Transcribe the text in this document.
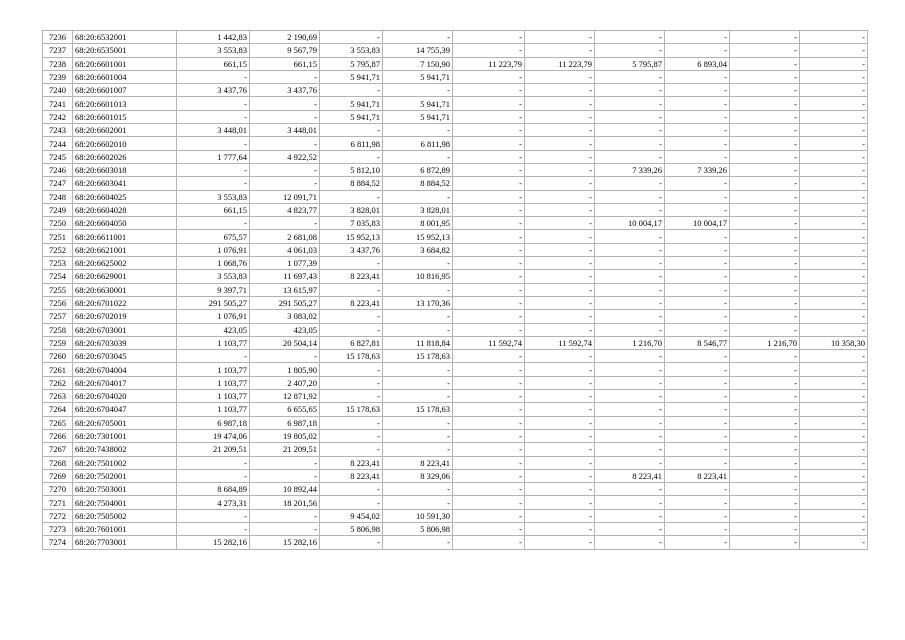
7236	68:20:6532001	1 442,83	2 190,69	-	-	-	-	-	-	-	-
7237	68:20:6535001	3 553,83	9 567,79	3 553,83	14 755,39	-	-	-	-	-	-
7238	68:20:6601001	661,15	661,15	5 795,87	7 150,90	11 223,79	11 223,79	5 795,87	6 893,04	-	-
7239	68:20:6601004	-	-	5 941,71	5 941,71	-	-	-	-	-	-
7240	68:20:6601007	3 437,76	3 437,76	-	-	-	-	-	-	-	-
7241	68:20:6601013	-	-	5 941,71	5 941,71	-	-	-	-	-	-
7242	68:20:6601015	-	-	5 941,71	5 941,71	-	-	-	-	-	-
7243	68:20:6602001	3 448,01	3 448,01	-	-	-	-	-	-	-	-
7244	68:20:6602010	-	-	6 811,98	6 811,98	-	-	-	-	-	-
7245	68:20:6602026	1 777,64	4 922,52	-	-	-	-	-	-	-	-
7246	68:20:6603018	-	-	5 812,10	6 872,89	-	-	7 339,26	7 339,26	-	-
7247	68:20:6603041	-	-	8 884,52	8 884,52	-	-	-	-	-	-
7248	68:20:6604025	3 553,83	12 091,71	-	-	-	-	-	-	-	-
7249	68:20:6604028	661,15	4 823,77	3 828,01	3 828,01	-	-	-	-	-	-
7250	68:20:6604050	-	-	7 035,83	8 001,95	-	-	10 004,17	10 004,17	-	-
7251	68:20:6611001	675,57	2 681,08	15 952,13	15 952,13	-	-	-	-	-	-
7252	68:20:6621001	1 076,91	4 061,03	3 437,76	3 684,82	-	-	-	-	-	-
7253	68:20:6625002	1 068,76	1 077,39	-	-	-	-	-	-	-	-
7254	68:20:6629001	3 553,83	11 697,43	8 223,41	10 816,95	-	-	-	-	-	-
7255	68:20:6630001	9 397,71	13 615,97	-	-	-	-	-	-	-	-
7256	68:20:6701022	291 505,27	291 505,27	8 223,41	13 170,36	-	-	-	-	-	-
7257	68:20:6702019	1 076,91	3 083,02	-	-	-	-	-	-	-	-
7258	68:20:6703001	423,05	423,05	-	-	-	-	-	-	-	-
7259	68:20:6703039	1 103,77	20 504,14	6 827,81	11 818,84	11 592,74	11 592,74	1 216,70	8 546,77	1 216,70	10 358,30
7260	68:20:6703045	-	-	15 178,63	15 178,63	-	-	-	-	-	-
7261	68:20:6704004	1 103,77	1 805,90	-	-	-	-	-	-	-	-
7262	68:20:6704017	1 103,77	2 407,20	-	-	-	-	-	-	-	-
7263	68:20:6704020	1 103,77	12 871,92	-	-	-	-	-	-	-	-
7264	68:20:6704047	1 103,77	6 655,65	15 178,63	15 178,63	-	-	-	-	-	-
7265	68:20:6705001	6 987,18	6 987,18	-	-	-	-	-	-	-	-
7266	68:20:7301001	19 474,06	19 805,02	-	-	-	-	-	-	-	-
7267	68:20:7438002	21 209,51	21 209,51	-	-	-	-	-	-	-	-
7268	68:20:7501002	-	-	8 223,41	8 223,41	-	-	-	-	-	-
7269	68:20:7502001	-	-	8 223,41	8 329,06	-	-	8 223,41	8 223,41	-	-
7270	68:20:7503001	8 684,89	10 892,44	-	-	-	-	-	-	-	-
7271	68:20:7504001	4 273,31	18 201,56	-	-	-	-	-	-	-	-
7272	68:20:7505002	-	-	9 454,02	10 591,30	-	-	-	-	-	-
7273	68:20:7601001	-	-	5 806,98	5 806,98	-	-	-	-	-	-
7274	68:20:7703001	15 282,16	15 282,16	-	-	-	-	-	-	-	-
